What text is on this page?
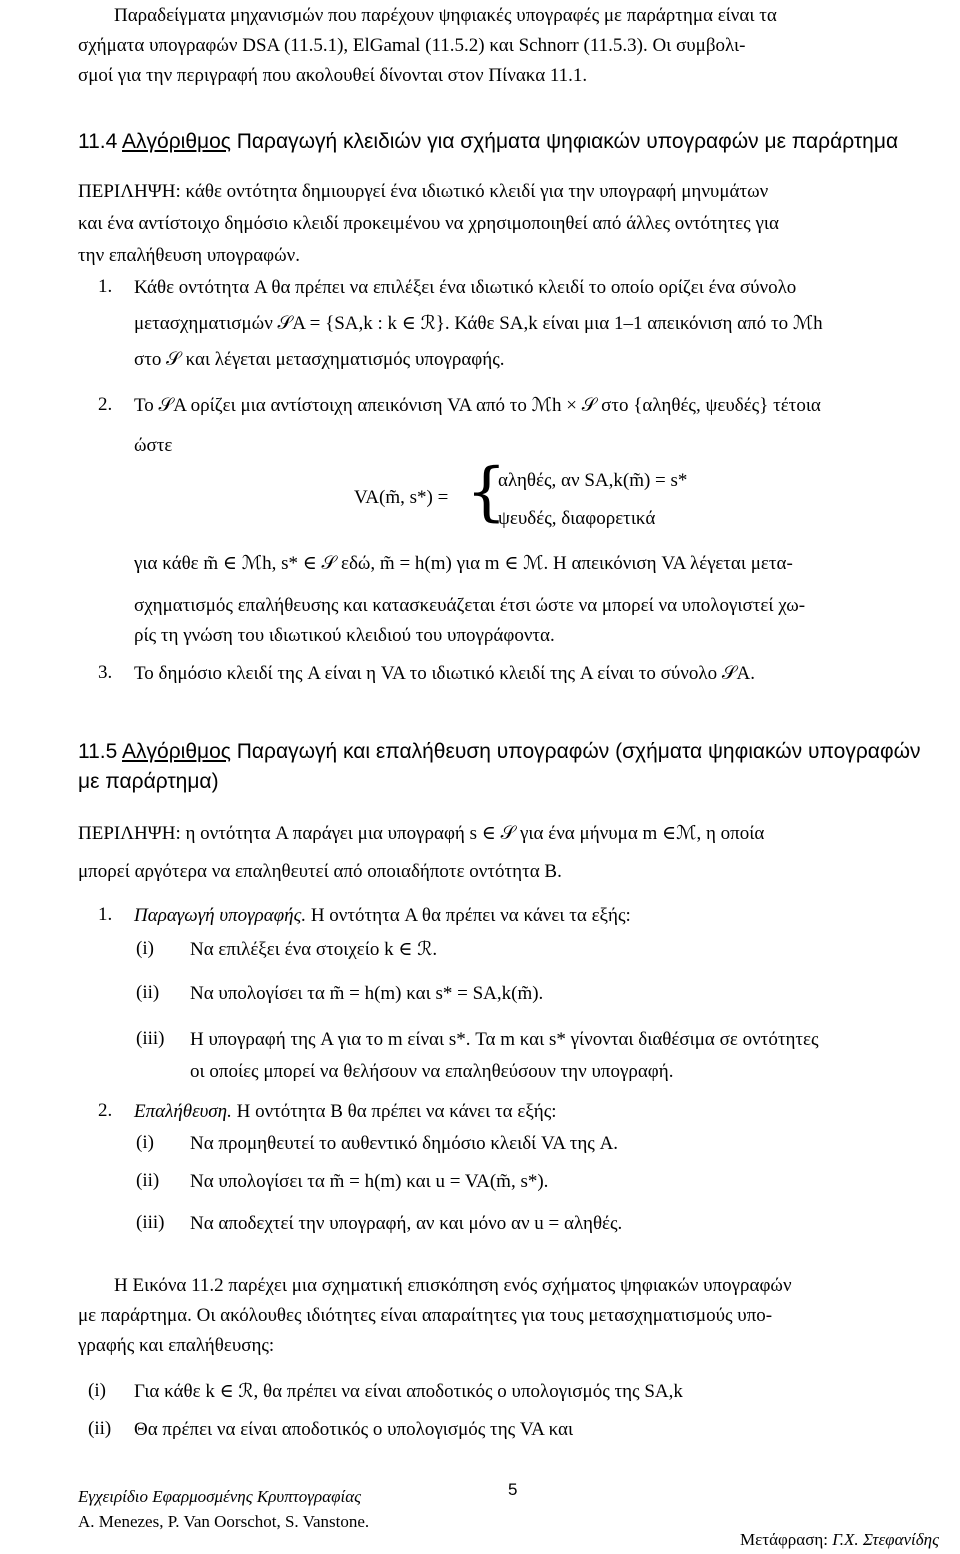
Παραδείγματα μηχανισμών που παρέχουν ψηφιακές υπογραφές με παράρτημα είναι τα
σχήματα υπογραφών DSA (11.5.1), ElGamal (11.5.2) και Schnorr (11.5.3). Οι συμβολι-
σμοί για την περιγραφή που ακολουθεί δίνονται στον Πίνακα 11.1.
11.4 Αλγόριθμος Παραγωγή κλειδιών για σχήματα ψηφιακών υπογραφών με παράρτημα
ΠΕΡΙΛΗΨΗ: κάθε οντότητα δημιουργεί ένα ιδιωτικό κλειδί για την υπογραφή μηνυμάτων
και ένα αντίστοιχο δημόσιο κλειδί προκειμένου να χρησιμοποιηθεί από άλλες οντότητες για
την επαλήθευση υπογραφών.
1. Κάθε οντότητα A θα πρέπει να επιλέξει ένα ιδιωτικό κλειδί το οποίο ορίζει ένα σύνολο
μετασχηματισμών 𝒮A = {SA,k : k ∈ ℛ}. Κάθε SA,k είναι μια 1–1 απεικόνιση από το ℳh
στο 𝒮 και λέγεται μετασχηματισμός υπογραφής.
2. Το 𝒮A ορίζει μια αντίστοιχη απεικόνιση VA από το ℳh × 𝒮 στο {αληθές, ψευδές} τέτοια
ώστε
VA(m̃, s*) = {
αληθές, αν SA,k(m̃) = s*
ψευδές, διαφορετικά
για κάθε m̃ ∈ ℳh, s* ∈ 𝒮 εδώ, m̃ = h(m) για m ∈ ℳ. Η απεικόνιση VA λέγεται μετα-
σχηματισμός επαλήθευσης και κατασκευάζεται έτσι ώστε να μπορεί να υπολογιστεί χω-
ρίς τη γνώση του ιδιωτικού κλειδιού του υπογράφοντα.
3. Το δημόσιο κλειδί της A είναι η VA το ιδιωτικό κλειδί της A είναι το σύνολο 𝒮A.
11.5 Αλγόριθμος Παραγωγή και επαλήθευση υπογραφών (σχήματα ψηφιακών υπογραφών
με παράρτημα)
ΠΕΡΙΛΗΨΗ: η οντότητα A παράγει μια υπογραφή s ∈ 𝒮 για ένα μήνυμα m ∈ℳ, η οποία
μπορεί αργότερα να επαληθευτεί από οποιαδήποτε οντότητα B.
1. Παραγωγή υπογραφής. Η οντότητα A θα πρέπει να κάνει τα εξής:
(i) Να επιλέξει ένα στοιχείο k ∈ ℛ.
(ii) Να υπολογίσει τα m̃ = h(m) και s* = SA,k(m̃).
(iii) Η υπογραφή της A για το m είναι s*. Τα m και s* γίνονται διαθέσιμα σε οντότητες
οι οποίες μπορεί να θελήσουν να επαληθεύσουν την υπογραφή.
2. Επαλήθευση. Η οντότητα B θα πρέπει να κάνει τα εξής:
(i) Να προμηθευτεί το αυθεντικό δημόσιο κλειδί VA της A.
(ii) Να υπολογίσει τα m̃ = h(m) και u = VA(m̃, s*).
(iii) Να αποδεχτεί την υπογραφή, αν και μόνο αν u = αληθές.
Η Εικόνα 11.2 παρέχει μια σχηματική επισκόπηση ενός σχήματος ψηφιακών υπογραφών
με παράρτημα. Οι ακόλουθες ιδιότητες είναι απαραίτητες για τους μετασχηματισμούς υπο-
γραφής και επαλήθευσης:
(i) Για κάθε k ∈ ℛ, θα πρέπει να είναι αποδοτικός ο υπολογισμός της SA,k
(ii) Θα πρέπει να είναι αποδοτικός ο υπολογισμός της VA και
Εγχειρίδιο Εφαρμοσμένης Κρυπτογραφίας
A. Menezes, P. Van Oorschot, S. Vanstone.
5
Μετάφραση: Γ.Χ. Στεφανίδης
